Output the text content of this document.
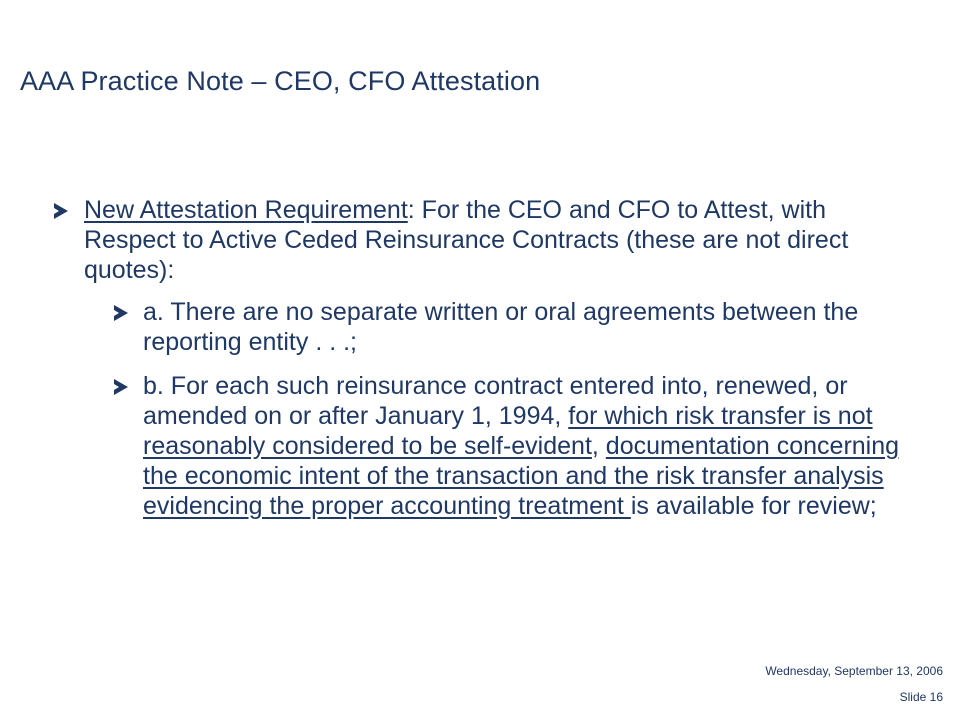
AAA Practice Note – CEO, CFO Attestation
New Attestation Requirement: For the CEO and CFO to Attest, with Respect to Active Ceded Reinsurance Contracts (these are not direct quotes):
a. There are no separate written or oral agreements between the reporting entity . . .;
b. For each such reinsurance contract entered into, renewed, or amended on or after January 1, 1994, for which risk transfer is not reasonably considered to be self-evident, documentation concerning the economic intent of the transaction and the risk transfer analysis evidencing the proper accounting treatment is available for review;
Wednesday, September 13, 2006
Slide 16
